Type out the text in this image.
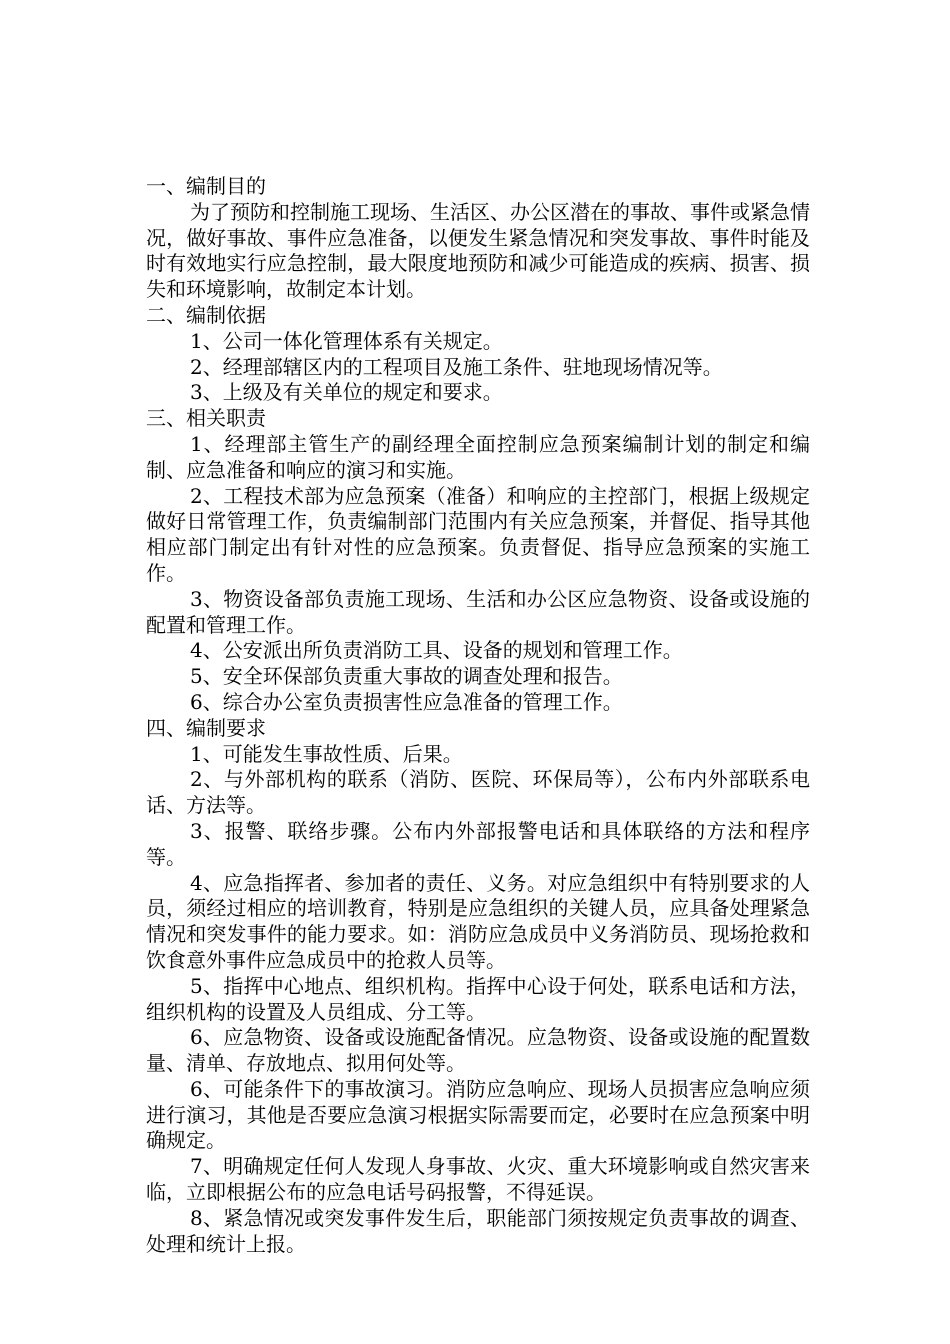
一、编制目的
为了预防和控制施工现场、生活区、办公区潜在的事故、事件或紧急情况，做好事故、事件应急准备，以便发生紧急情况和突发事故、事件时能及时有效地实行应急控制，最大限度地预防和减少可能造成的疾病、损害、损失和环境影响，故制定本计划。
二、编制依据
1、公司一体化管理体系有关规定。
2、经理部辖区内的工程项目及施工条件、驻地现场情况等。
3、上级及有关单位的规定和要求。
三、相关职责
1、经理部主管生产的副经理全面控制应急预案编制计划的制定和编制、应急准备和响应的演习和实施。
2、工程技术部为应急预案（准备）和响应的主控部门，根据上级规定做好日常管理工作，负责编制部门范围内有关应急预案，并督促、指导其他相应部门制定出有针对性的应急预案。负责督促、指导应急预案的实施工作。
3、物资设备部负责施工现场、生活和办公区应急物资、设备或设施的配置和管理工作。
4、公安派出所负责消防工具、设备的规划和管理工作。
5、安全环保部负责重大事故的调查处理和报告。
6、综合办公室负责损害性应急准备的管理工作。
四、编制要求
1、可能发生事故性质、后果。
2、与外部机构的联系（消防、医院、环保局等），公布内外部联系电话、方法等。
3、报警、联络步骤。公布内外部报警电话和具体联络的方法和程序等。
4、应急指挥者、参加者的责任、义务。对应急组织中有特别要求的人员，须经过相应的培训教育，特别是应急组织的关键人员，应具备处理紧急情况和突发事件的能力要求。如：消防应急成员中义务消防员、现场抢救和饮食意外事件应急成员中的抢救人员等。
5、指挥中心地点、组织机构。指挥中心设于何处，联系电话和方法，组织机构的设置及人员组成、分工等。
6、应急物资、设备或设施配备情况。应急物资、设备或设施的配置数量、清单、存放地点、拟用何处等。
6、可能条件下的事故演习。消防应急响应、现场人员损害应急响应须进行演习，其他是否要应急演习根据实际需要而定，必要时在应急预案中明确规定。
7、明确规定任何人发现人身事故、火灾、重大环境影响或自然灾害来临，立即根据公布的应急电话号码报警，不得延误。
8、紧急情况或突发事件发生后，职能部门须按规定负责事故的调查、处理和统计上报。
